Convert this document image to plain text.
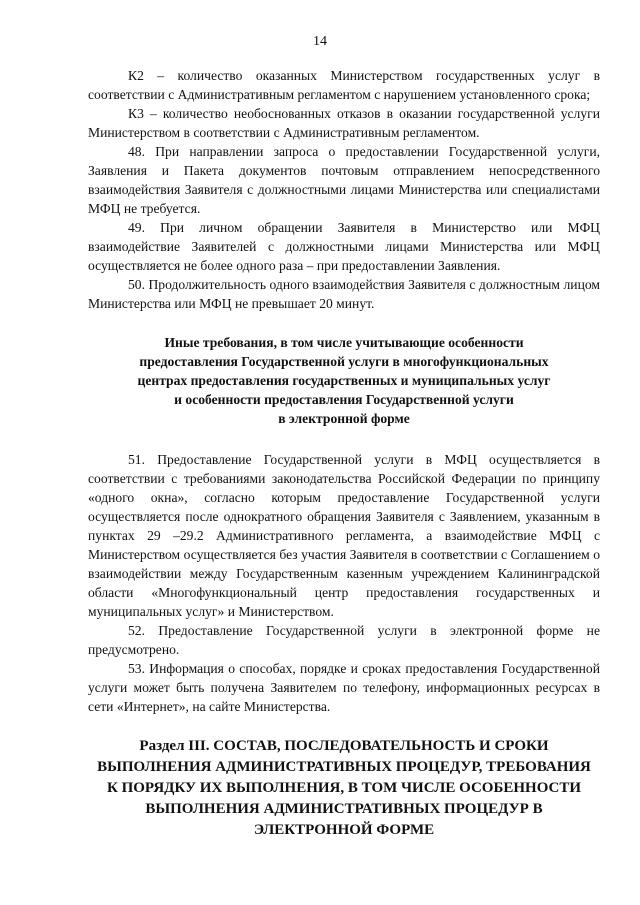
14

К2 – количество оказанных Министерством государственных услуг в соответствии с Административным регламентом с нарушением установленного срока;

К3 – количество необоснованных отказов в оказании государственной услуги Министерством в соответствии с Административным регламентом.

48. При направлении запроса о предоставлении Государственной услуги, Заявления и Пакета документов почтовым отправлением непосредственного взаимодействия Заявителя с должностными лицами Министерства или специалистами МФЦ не требуется.

49. При личном обращении Заявителя в Министерство или МФЦ взаимодействие Заявителей с должностными лицами Министерства или МФЦ осуществляется не более одного раза – при предоставлении Заявления.

50. Продолжительность одного взаимодействия Заявителя с должностным лицом Министерства или МФЦ не превышает 20 минут.

Иные требования, в том числе учитывающие особенности
предоставления Государственной услуги в многофункциональных
центрах предоставления государственных и муниципальных услуг
и особенности предоставления Государственной услуги
в электронной форме

51. Предоставление Государственной услуги в МФЦ осуществляется в соответствии с требованиями законодательства Российской Федерации по принципу «одного окна», согласно которым предоставление Государственной услуги осуществляется после однократного обращения Заявителя с Заявлением, указанным в пунктах 29 –29.2 Административного регламента, а взаимодействие МФЦ с Министерством осуществляется без участия Заявителя в соответствии с Соглашением о взаимодействии между Государственным казенным учреждением Калининградской области «Многофункциональный центр предоставления государственных и муниципальных услуг» и Министерством.

52. Предоставление Государственной услуги в электронной форме не предусмотрено.

53. Информация о способах, порядке и сроках предоставления Государственной услуги может быть получена Заявителем по телефону, информационных ресурсах в сети «Интернет», на сайте Министерства.

Раздел III. СОСТАВ, ПОСЛЕДОВАТЕЛЬНОСТЬ И СРОКИ
ВЫПОЛНЕНИЯ АДМИНИСТРАТИВНЫХ ПРОЦЕДУР, ТРЕБОВАНИЯ
К ПОРЯДКУ ИХ ВЫПОЛНЕНИЯ, В ТОМ ЧИСЛЕ ОСОБЕННОСТИ
ВЫПОЛНЕНИЯ АДМИНИСТРАТИВНЫХ ПРОЦЕДУР В
ЭЛЕКТРОННОЙ ФОРМЕ
